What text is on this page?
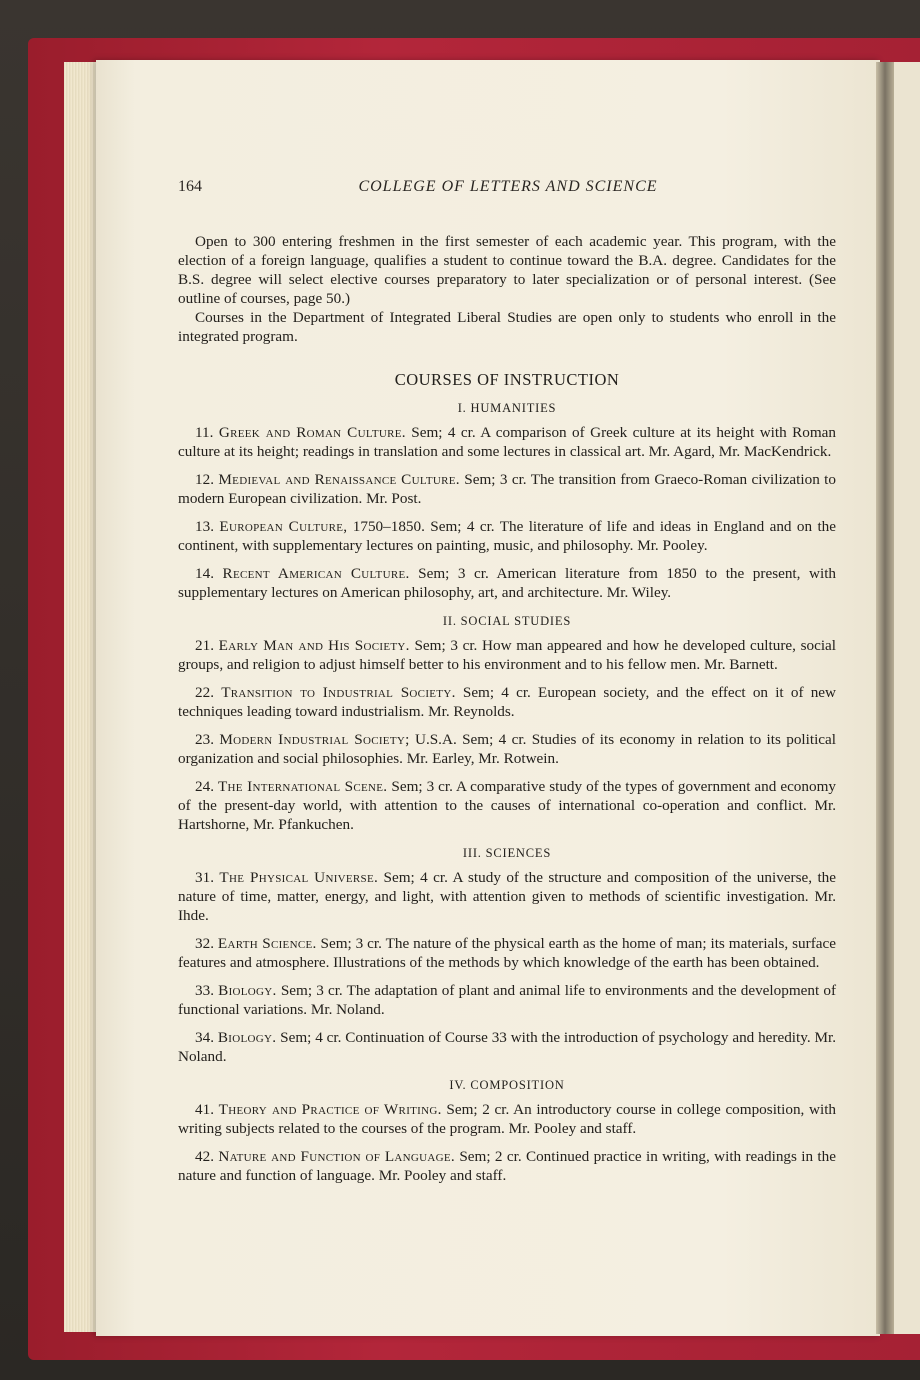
164	COLLEGE OF LETTERS AND SCIENCE

Open to 300 entering freshmen in the first semester of each academic year. This program, with the election of a foreign language, qualifies a student to continue toward the B.A. degree. Candidates for the B.S. degree will select elective courses preparatory to later specialization or of personal interest. (See outline of courses, page 50.)

Courses in the Department of Integrated Liberal Studies are open only to students who enroll in the integrated program.

COURSES OF INSTRUCTION
I. HUMANITIES

11. Greek and Roman Culture. Sem; 4 cr. A comparison of Greek culture at its height with Roman culture at its height; readings in translation and some lectures in classical art. Mr. Agard, Mr. MacKendrick.

12. Medieval and Renaissance Culture. Sem; 3 cr. The transition from Graeco-Roman civilization to modern European civilization. Mr. Post.

13. European Culture, 1750–1850. Sem; 4 cr. The literature of life and ideas in England and on the continent, with supplementary lectures on painting, music, and philosophy. Mr. Pooley.

14. Recent American Culture. Sem; 3 cr. American literature from 1850 to the present, with supplementary lectures on American philosophy, art, and architecture. Mr. Wiley.

II. SOCIAL STUDIES

21. Early Man and His Society. Sem; 3 cr. How man appeared and how he developed culture, social groups, and religion to adjust himself better to his environment and to his fellow men. Mr. Barnett.

22. Transition to Industrial Society. Sem; 4 cr. European society, and the effect on it of new techniques leading toward industrialism. Mr. Reynolds.

23. Modern Industrial Society; U.S.A. Sem; 4 cr. Studies of its economy in relation to its political organization and social philosophies. Mr. Earley, Mr. Rotwein.

24. The International Scene. Sem; 3 cr. A comparative study of the types of government and economy of the present-day world, with attention to the causes of international co-operation and conflict. Mr. Hartshorne, Mr. Pfankuchen.

III. SCIENCES

31. The Physical Universe. Sem; 4 cr. A study of the structure and composition of the universe, the nature of time, matter, energy, and light, with attention given to methods of scientific investigation. Mr. Ihde.

32. Earth Science. Sem; 3 cr. The nature of the physical earth as the home of man; its materials, surface features and atmosphere. Illustrations of the methods by which knowledge of the earth has been obtained.

33. Biology. Sem; 3 cr. The adaptation of plant and animal life to environments and the development of functional variations. Mr. Noland.

34. Biology. Sem; 4 cr. Continuation of Course 33 with the introduction of psychology and heredity. Mr. Noland.

IV. COMPOSITION

41. Theory and Practice of Writing. Sem; 2 cr. An introductory course in college composition, with writing subjects related to the courses of the program. Mr. Pooley and staff.

42. Nature and Function of Language. Sem; 2 cr. Continued practice in writing, with readings in the nature and function of language. Mr. Pooley and staff.
